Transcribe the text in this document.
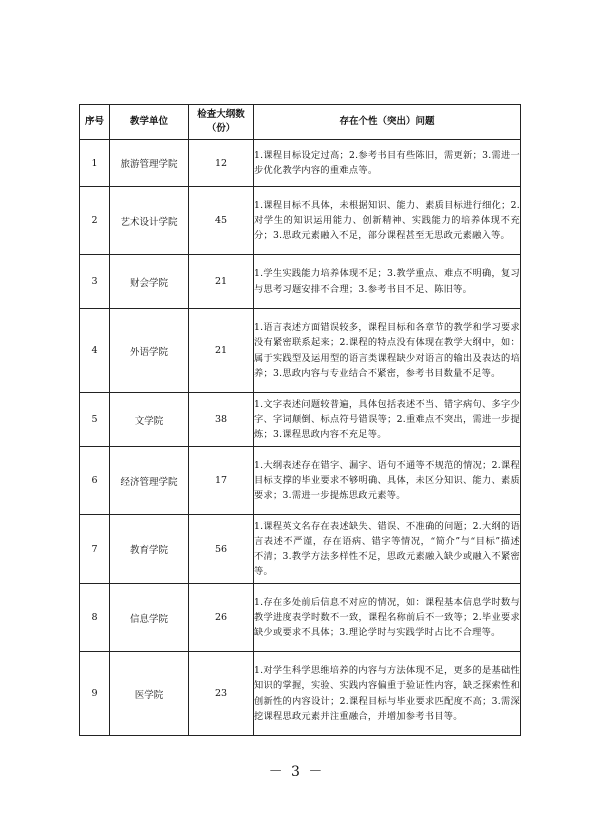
序号	教学单位	检查大纲数（份）	存在个性（突出）问题
1	旅游管理学院	12	1.课程目标设定过高；2.参考书目有些陈旧，需更新；3.需进一步优化教学内容的重难点等。
2	艺术设计学院	45	1.课程目标不具体，未根据知识、能力、素质目标进行细化；2.对学生的知识运用能力、创新精神、实践能力的培养体现不充分；3.思政元素融入不足，部分课程甚至无思政元素融入等。
3	财会学院	21	1.学生实践能力培养体现不足；3.教学重点、难点不明确，复习与思考习题安排不合理；3.参考书目不足、陈旧等。
4	外语学院	21	1.语言表述方面错误较多，课程目标和各章节的教学和学习要求没有紧密联系起来；2.课程的特点没有体现在教学大纲中，如：属于实践型及运用型的语言类课程缺少对语言的输出及表达的培养；3.思政内容与专业结合不紧密，参考书目数量不足等。
5	文学院	38	1.文字表述问题较普遍，具体包括表述不当、错字病句、多字少字、字词颠倒、标点符号错误等；2.重难点不突出，需进一步提炼；3.课程思政内容不充足等。
6	经济管理学院	17	1.大纲表述存在错字、漏字、语句不通等不规范的情况；2.课程目标支撑的毕业要求不够明确、具体，未区分知识、能力、素质要求；3.需进一步提炼思政元素等。
7	教育学院	56	1.课程英文名存在表述缺失、错误、不准确的问题；2.大纲的语言表述不严谨，存在语病、错字等情况，“简介”与“目标”描述不清；3.教学方法多样性不足，思政元素融入缺少或融入不紧密等。
8	信息学院	26	1.存在多处前后信息不对应的情况，如：课程基本信息学时数与教学进度表学时数不一致，课程名称前后不一致等；2.毕业要求缺少或要求不具体；3.理论学时与实践学时占比不合理等。
9	医学院	23	1.对学生科学思维培养的内容与方法体现不足，更多的是基础性知识的掌握，实验、实践内容偏重于验证性内容，缺乏探索性和创新性的内容设计；2.课程目标与毕业要求匹配度不高；3.需深挖课程思政元素并注重融合，并增加参考书目等。
－ 3 －
